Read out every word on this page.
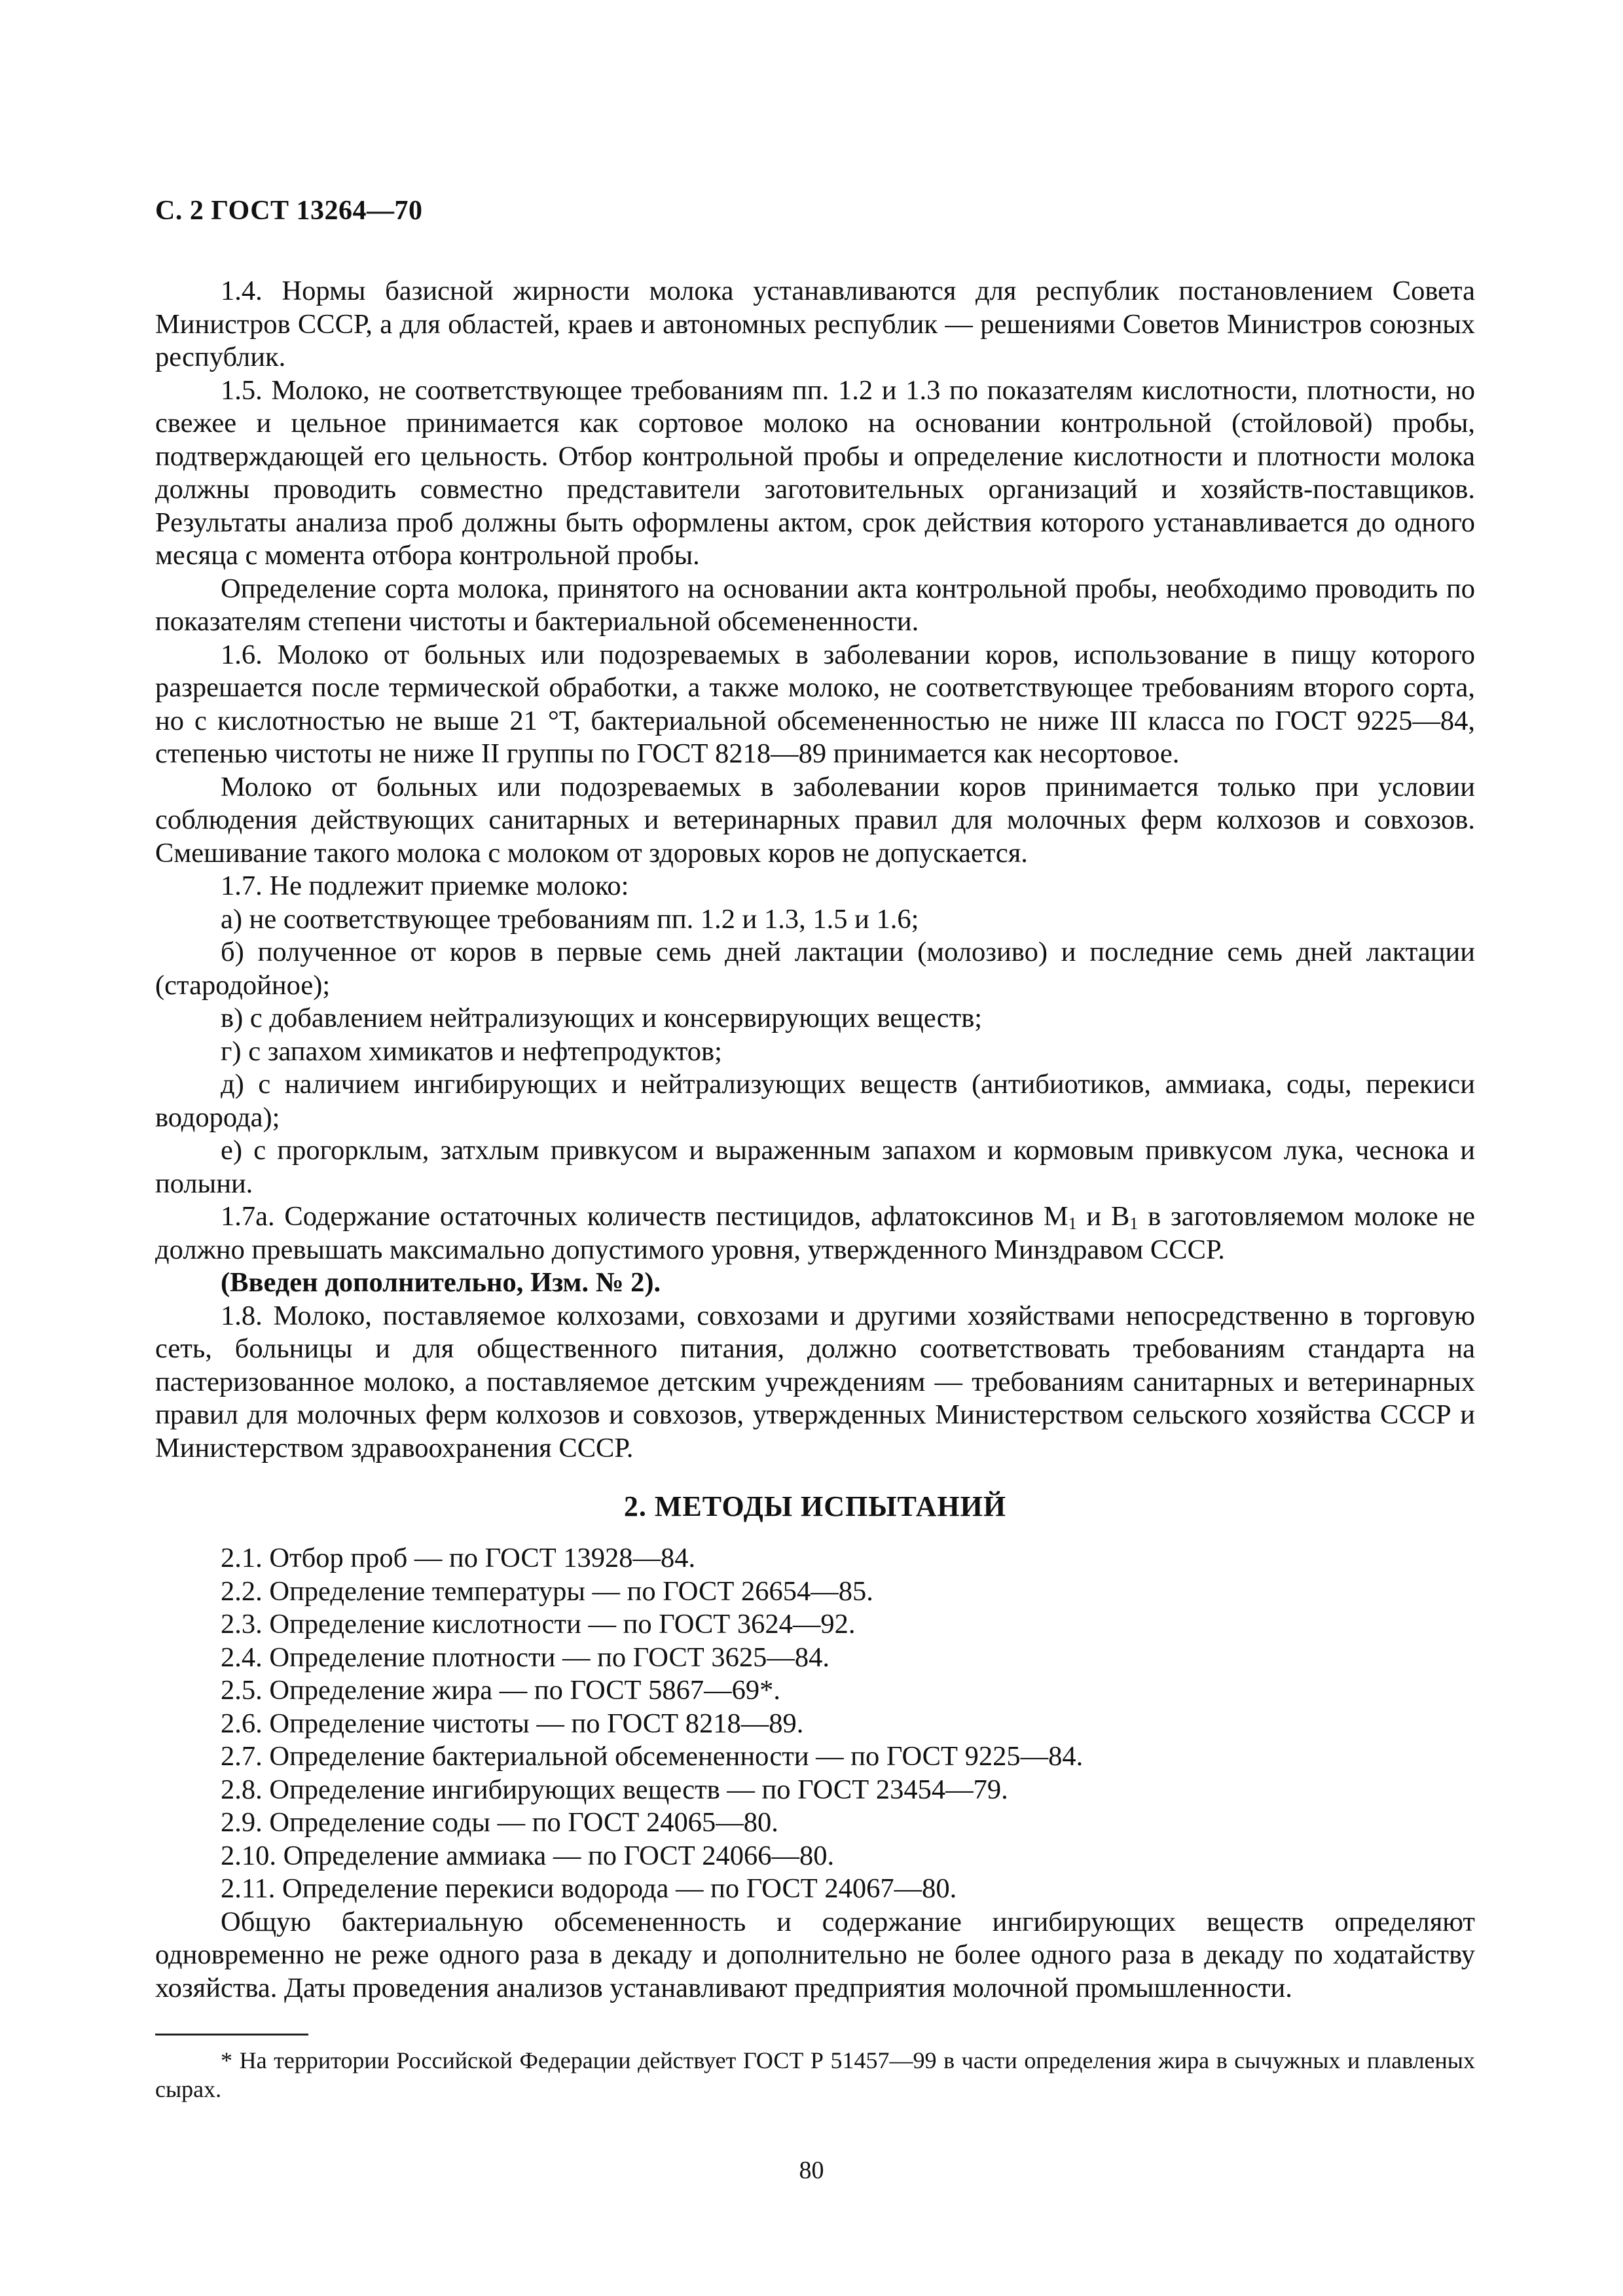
С. 2 ГОСТ 13264—70

1.4. Нормы базисной жирности молока устанавливаются для республик постановлением Совета Министров СССР, а для областей, краев и автономных республик — решениями Советов Министров союзных республик.

1.5. Молоко, не соответствующее требованиям пп. 1.2 и 1.3 по показателям кислотности, плотности, но свежее и цельное принимается как сортовое молоко на основании контрольной (стойловой) пробы, подтверждающей его цельность. Отбор контрольной пробы и определение кислотности и плотности молока должны проводить совместно представители заготовительных организаций и хозяйств-поставщиков. Результаты анализа проб должны быть оформлены актом, срок действия которого устанавливается до одного месяца с момента отбора контрольной пробы.

Определение сорта молока, принятого на основании акта контрольной пробы, необходимо проводить по показателям степени чистоты и бактериальной обсемененности.

1.6. Молоко от больных или подозреваемых в заболевании коров, использование в пищу которого разрешается после термической обработки, а также молоко, не соответствующее требованиям второго сорта, но с кислотностью не выше 21 °Т, бактериальной обсемененностью не ниже III класса по ГОСТ 9225—84, степенью чистоты не ниже II группы по ГОСТ 8218—89 принимается как несортовое.

Молоко от больных или подозреваемых в заболевании коров принимается только при условии соблюдения действующих санитарных и ветеринарных правил для молочных ферм колхозов и совхозов. Смешивание такого молока с молоком от здоровых коров не допускается.

1.7. Не подлежит приемке молоко:

а) не соответствующее требованиям пп. 1.2 и 1.3, 1.5 и 1.6;

б) полученное от коров в первые семь дней лактации (молозиво) и последние семь дней лактации (стародойное);

в) с добавлением нейтрализующих и консервирующих веществ;

г) с запахом химикатов и нефтепродуктов;

д) с наличием ингибирующих и нейтрализующих веществ (антибиотиков, аммиака, соды, перекиси водорода);

е) с прогорклым, затхлым привкусом и выраженным запахом и кормовым привкусом лука, чеснока и полыни.

1.7а. Содержание остаточных количеств пестицидов, афлатоксинов $М_1$ и $В_1$ в заготовляемом молоке не должно превышать максимально допустимого уровня, утвержденного Минздравом СССР.

(Введен дополнительно, Изм. № 2).

1.8. Молоко, поставляемое колхозами, совхозами и другими хозяйствами непосредственно в торговую сеть, больницы и для общественного питания, должно соответствовать требованиям стандарта на пастеризованное молоко, а поставляемое детским учреждениям — требованиям санитарных и ветеринарных правил для молочных ферм колхозов и совхозов, утвержденных Министерством сельского хозяйства СССР и Министерством здравоохранения СССР.

2. МЕТОДЫ ИСПЫТАНИЙ

2.1. Отбор проб — по ГОСТ 13928—84.

2.2. Определение температуры — по ГОСТ 26654—85.

2.3. Определение кислотности — по ГОСТ 3624—92.

2.4. Определение плотности — по ГОСТ 3625—84.

2.5. Определение жира — по ГОСТ 5867—69*.

2.6. Определение чистоты — по ГОСТ 8218—89.

2.7. Определение бактериальной обсемененности — по ГОСТ 9225—84.

2.8. Определение ингибирующих веществ — по ГОСТ 23454—79.

2.9. Определение соды — по ГОСТ 24065—80.

2.10. Определение аммиака — по ГОСТ 24066—80.

2.11. Определение перекиси водорода — по ГОСТ 24067—80.

Общую бактериальную обсемененность и содержание ингибирующих веществ определяют одновременно не реже одного раза в декаду и дополнительно не более одного раза в декаду по ходатайству хозяйства. Даты проведения анализов устанавливают предприятия молочной промышленности.

* На территории Российской Федерации действует ГОСТ Р 51457—99 в части определения жира в сычужных и плавленых сырах.
80
